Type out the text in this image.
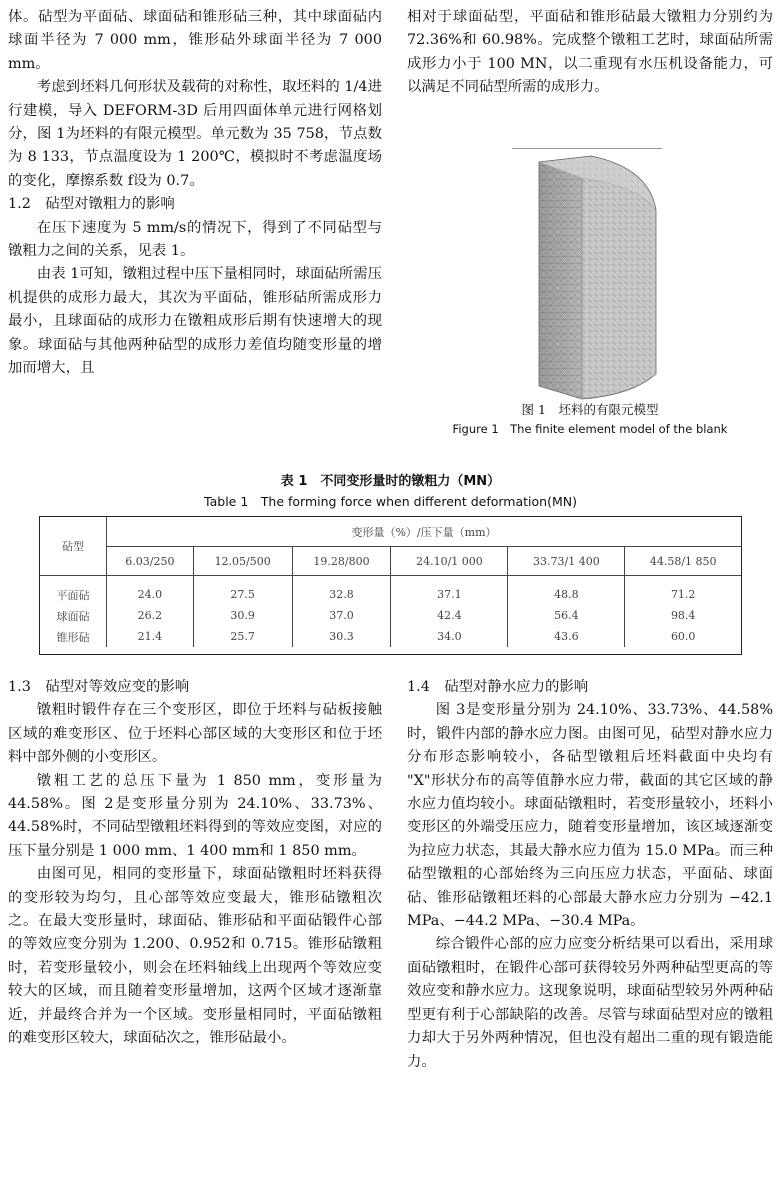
体。砧型为平面砧、球面砧和锥形砧三种，其中球面砧内球面半径为 7 000 mm，锥形砧外球面半径为 7 000 mm。

考虑到坯料几何形状及载荷的对称性，取坯料的 1/4进行建模，导入 DEFORM-3D 后用四面体单元进行网格划分，图 1为坯料的有限元模型。单元数为 35 758，节点数为 8 133，节点温度设为 1 200℃，模拟时不考虑温度场的变化，摩擦系数 f设为 0.7。

1.2　砧型对镦粗力的影响

在压下速度为 5 mm/s的情况下，得到了不同砧型与镦粗力之间的关系，见表 1。

由表 1可知，镦粗过程中压下量相同时，球面砧所需压机提供的成形力最大，其次为平面砧，锥形砧所需成形力最小，且球面砧的成形力在镦粗成形后期有快速增大的现象。球面砧与其他两种砧型的成形力差值均随变形量的增加而增大，且

相对于球面砧型，平面砧和锥形砧最大镦粗力分别约为 72.36%和 60.98%。完成整个镦粗工艺时，球面砧所需成形力小于 100 MN，以二重现有水压机设备能力，可以满足不同砧型所需的成形力。

图 1　坯料的有限元模型
Figure 1　The finite element model of the blank
表 1　不同变形量时的镦粗力（MN）
Table 1　The forming force when different deformation(MN)
砧型	变形量（%）/压下量（mm）					
	6.03/250	12.05/500	19.28/800	24.10/1 000	33.73/1 400	44.58/1 850
平面砧	24.0	27.5	32.8	37.1	48.8	71.2
球面砧	26.2	30.9	37.0	42.4	56.4	98.4
锥形砧	21.4	25.7	30.3	34.0	43.6	60.0

1.3　砧型对等效应变的影响

镦粗时锻件存在三个变形区，即位于坯料与砧板接触区域的难变形区、位于坯料心部区域的大变形区和位于坯料中部外侧的小变形区。

镦粗工艺的总压下量为 1 850 mm，变形量为 44.58%。图 2是变形量分别为 24.10%、33.73%、44.58%时，不同砧型镦粗坯料得到的等效应变图，对应的压下量分别是 1 000 mm、1 400 mm和 1 850 mm。

由图可见，相同的变形量下，球面砧镦粗时坯料获得的变形较为均匀，且心部等效应变最大，锥形砧镦粗次之。在最大变形量时，球面砧、锥形砧和平面砧锻件心部的等效应变分别为 1.200、0.952和 0.715。锥形砧镦粗时，若变形量较小，则会在坯料轴线上出现两个等效应变较大的区域，而且随着变形量增加，这两个区域才逐渐靠近，并最终合并为一个区域。变形量相同时，平面砧镦粗的难变形区较大，球面砧次之，锥形砧最小。

1.4　砧型对静水应力的影响

图 3是变形量分别为 24.10%、33.73%、44.58%时，锻件内部的静水应力图。由图可见，砧型对静水应力分布形态影响较小，各砧型镦粗后坯料截面中央均有 "X"形状分布的高等值静水应力带，截面的其它区域的静水应力值均较小。球面砧镦粗时，若变形量较小，坯料小变形区的外端受压应力，随着变形量增加，该区域逐渐变为拉应力状态，其最大静水应力值为 15.0 MPa。而三种砧型镦粗的心部始终为三向压应力状态，平面砧、球面砧、锥形砧镦粗坯料的心部最大静水应力分别为 −42.1 MPa、−44.2 MPa、−30.4 MPa。

综合锻件心部的应力应变分析结果可以看出，采用球面砧镦粗时，在锻件心部可获得较另外两种砧型更高的等效应变和静水应力。这现象说明，球面砧型较另外两种砧型更有利于心部缺陷的改善。尽管与球面砧型对应的镦粗力却大于另外两种情况，但也没有超出二重的现有锻造能力。
